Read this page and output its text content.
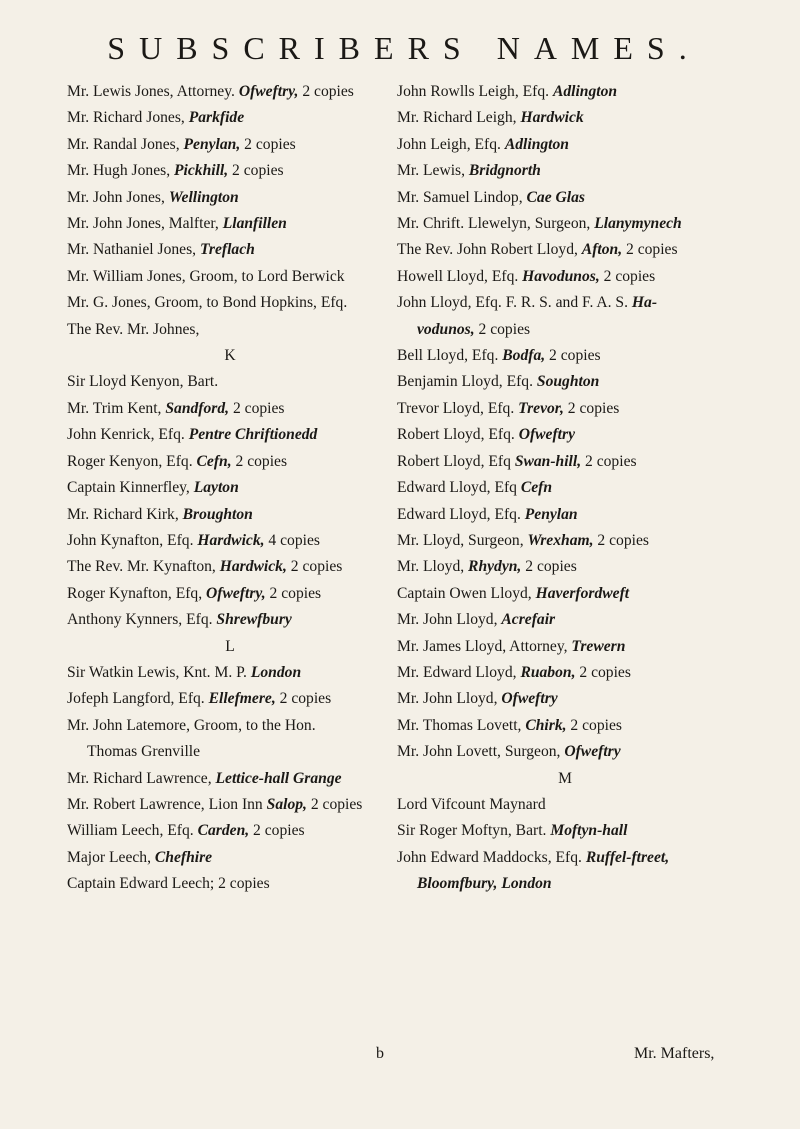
SUBSCRIBERS NAMES.
Mr. Lewis Jones, Attorney. Ofweftry, 2 copies
Mr. Richard Jones, Parkfide
Mr. Randal Jones, Penylan, 2 copies
Mr. Hugh Jones, Pickhill, 2 copies
Mr. John Jones, Wellington
Mr. John Jones, Malfter, Llanfillen
Mr. Nathaniel Jones, Treflach
Mr. William Jones, Groom, to Lord Berwick
Mr. G. Jones, Groom, to Bond Hopkins, Efq.
The Rev. Mr. Johnes,
K
Sir Lloyd Kenyon, Bart.
Mr. Trim Kent, Sandford, 2 copies
John Kenrick, Efq. Pentre Chriftionedd
Roger Kenyon, Efq. Cefn, 2 copies
Captain Kinnerfley, Layton
Mr. Richard Kirk, Broughton
John Kynafton, Efq. Hardwick, 4 copies
The Rev. Mr. Kynafton, Hardwick, 2 copies
Roger Kynafton, Efq, Ofweftry, 2 copies
Anthony Kynners, Efq. Shrewfbury
L
Sir Watkin Lewis, Knt. M. P. London
Jofeph Langford, Efq. Ellefmere, 2 copies
Mr. John Latemore, Groom, to the Hon.
Thomas Grenville
Mr. Richard Lawrence, Lettice-hall Grange
Mr. Robert Lawrence, Lion Inn Salop, 2 copies
William Leech, Efq. Carden, 2 copies
Major Leech, Chefhire
Captain Edward Leech; 2 copies
John Rowlls Leigh, Efq. Adlington
Mr. Richard Leigh, Hardwick
John Leigh, Efq. Adlington
Mr. Lewis, Bridgnorth
Mr. Samuel Lindop, Cae Glas
Mr. Chrift. Llewelyn, Surgeon, Llanymynech
The Rev. John Robert Lloyd, Afton, 2 copies
Howell Lloyd, Efq. Havodunos, 2 copies
John Lloyd, Efq. F. R. S. and F. A. S. Ha-
vodunos, 2 copies
Bell Lloyd, Efq. Bodfa, 2 copies
Benjamin Lloyd, Efq. Soughton
Trevor Lloyd, Efq. Trevor, 2 copies
Robert Lloyd, Efq. Ofweftry
Robert Lloyd, Efq Swan-hill, 2 copies
Edward Lloyd, Efq Cefn
Edward Lloyd, Efq. Penylan
Mr. Lloyd, Surgeon, Wrexham, 2 copies
Mr. Lloyd, Rhydyn, 2 copies
Captain Owen Lloyd, Haverfordweft
Mr. John Lloyd, Acrefair
Mr. James Lloyd, Attorney, Trewern
Mr. Edward Lloyd, Ruabon, 2 copies
Mr. John Lloyd, Ofweftry
Mr. Thomas Lovett, Chirk, 2 copies
Mr. John Lovett, Surgeon, Ofweftry
M
Lord Vifcount Maynard
Sir Roger Moftyn, Bart. Moftyn-hall
John Edward Maddocks, Efq. Ruffel-ftreet,
Bloomfbury, London
b	Mr. Mafters,
